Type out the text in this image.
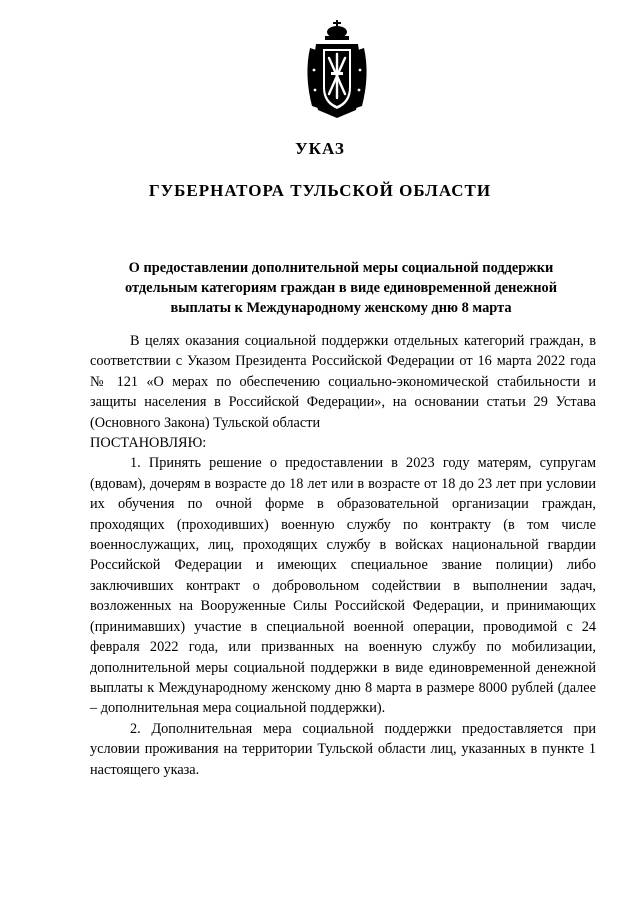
УКАЗ
ГУБЕРНАТОРА ТУЛЬСКОЙ ОБЛАСТИ
О предоставлении дополнительной меры социальной поддержки
отдельным категориям граждан в виде единовременной денежной
выплаты к Международному женскому дню 8 марта

В целях оказания социальной поддержки отдельных категорий граждан, в соответствии с Указом Президента Российской Федерации от 16 марта 2022 года № 121 «О мерах по обеспечению социально-экономической стабильности и защиты населения в Российской Федерации», на основании статьи 29 Устава (Основного Закона) Тульской области

ПОСТАНОВЛЯЮ:

1. Принять решение о предоставлении в 2023 году матерям, супругам (вдовам), дочерям в возрасте до 18 лет или в возрасте от 18 до 23 лет при условии их обучения по очной форме в образовательной организации граждан, проходящих (проходивших) военную службу по контракту (в том числе военнослужащих, лиц, проходящих службу в войсках национальной гвардии Российской Федерации и имеющих специальное звание полиции) либо заключивших контракт о добровольном содействии в выполнении задач, возложенных на Вооруженные Силы Российской Федерации, и принимающих (принимавших) участие в специальной военной операции, проводимой с 24 февраля 2022 года, или призванных на военную службу по мобилизации, дополнительной меры социальной поддержки в виде единовременной денежной выплаты к Международному женскому дню 8 марта в размере 8000 рублей (далее – дополнительная мера социальной поддержки).

2. Дополнительная мера социальной поддержки предоставляется при условии проживания на территории Тульской области лиц, указанных в пункте 1 настоящего указа.
